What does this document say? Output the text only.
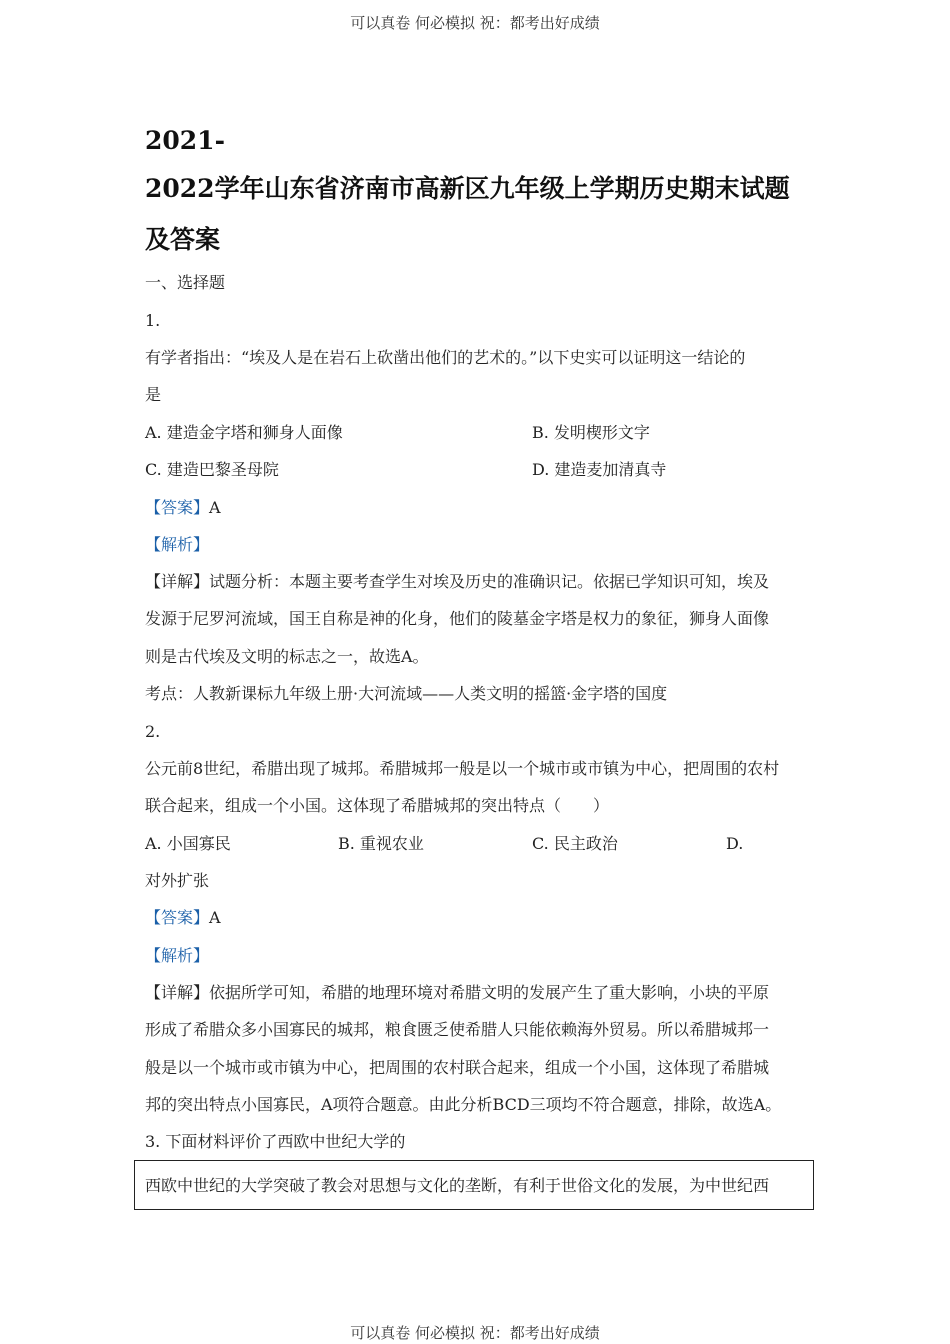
可以真卷 何必模拟 祝：都考出好成绩
2021-
2022学年山东省济南市高新区九年级上学期历史期末试题
及答案
一、选择题
1.
有学者指出：“埃及人是在岩石上砍凿出他们的艺术的。”以下史实可以证明这一结论的
是
A. 建造金字塔和狮身人面像	B. 发明楔形文字
C. 建造巴黎圣母院	D. 建造麦加清真寺
【答案】A
【解析】
【详解】试题分析：本题主要考查学生对埃及历史的准确识记。依据已学知识可知，埃及
发源于尼罗河流域，国王自称是神的化身，他们的陵墓金字塔是权力的象征，狮身人面像
则是古代埃及文明的标志之一，故选A。
考点：人教新课标九年级上册·大河流域——人类文明的摇篮·金字塔的国度
2.
公元前8世纪，希腊出现了城邦。希腊城邦一般是以一个城市或市镇为中心，把周围的农村
联合起来，组成一个小国。这体现了希腊城邦的突出特点（　　）
A. 小国寡民	B. 重视农业	C. 民主政治	D.
对外扩张
【答案】A
【解析】
【详解】依据所学可知，希腊的地理环境对希腊文明的发展产生了重大影响，小块的平原
形成了希腊众多小国寡民的城邦，粮食匮乏使希腊人只能依赖海外贸易。所以希腊城邦一
般是以一个城市或市镇为中心，把周围的农村联合起来，组成一个小国，这体现了希腊城
邦的突出特点小国寡民，A项符合题意。由此分析BCD三项均不符合题意，排除，故选A。
3. 下面材料评价了西欧中世纪大学的
西欧中世纪的大学突破了教会对思想与文化的垄断，有利于世俗文化的发展，为中世纪西
可以真卷 何必模拟 祝：都考出好成绩
